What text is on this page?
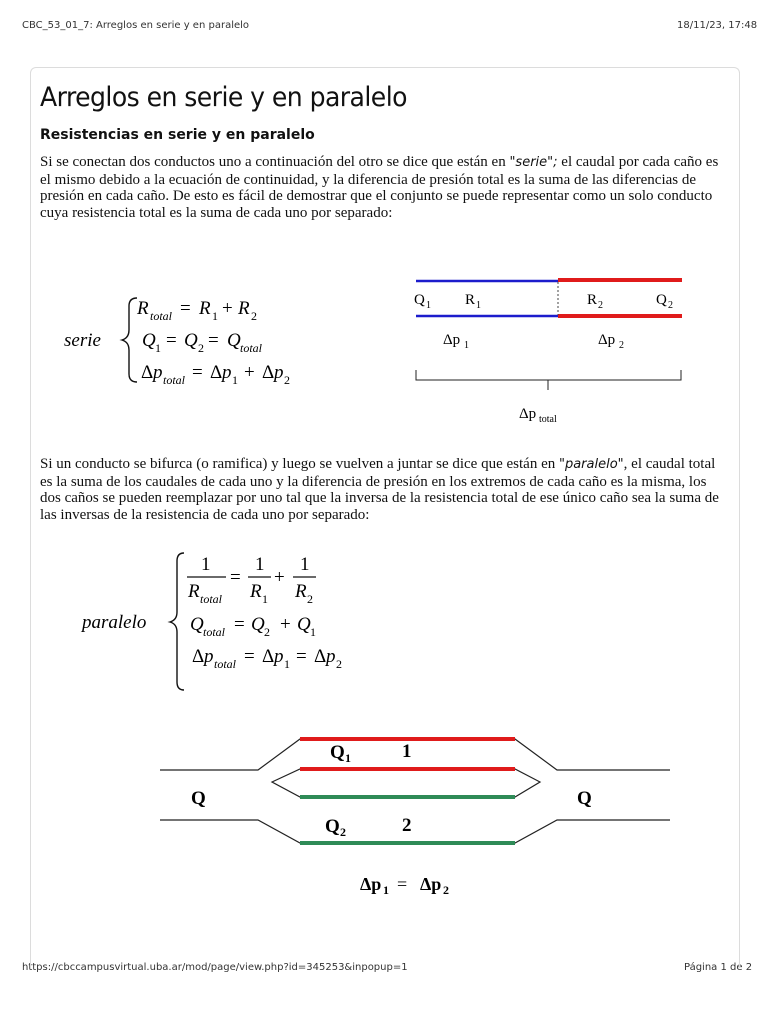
CBC_53_01_7: Arreglos en serie y en paralelo	18/11/23, 17:48
https://cbccampusvirtual.uba.ar/mod/page/view.php?id=345253&inpopup=1	Página 1 de 2
Arreglos en serie y en paralelo
Resistencias en serie y en paralelo
Si se conectan dos conductos uno a continuación del otro se dice que están en "serie"; el caudal por cada caño es el mismo debido a la ecuación de continuidad, y la diferencia de presión total es la suma de las diferencias de presión en cada caño. De esto es fácil de demostrar que el conjunto se puede representar como un solo conducto cuya resistencia total es la suma de cada uno por separado:
Si un conducto se bifurca (o ramifica) y luego se vuelven a juntar se dice que están en "paralelo", el caudal total es la suma de los caudales de cada uno y la diferencia de presión en los extremos de cada caño es la misma, los dos caños se pueden reemplazar por uno tal que la inversa de la resistencia total de ese único caño sea la suma de las inversas de la resistencia de cada uno por separado:
serie
R total = R 1 + R 2
Q 1 = Q 2 = Q total
Δ p total = Δ p 1 + Δ p 2
Q 1 R 1	R 2	Q 2
Δp 1	Δp 2
Δp total
paralelo
1
R total
=
1
R 1
+
1
R 2
Q total = Q 2 + Q 1
Δ p total = Δ p 1 = Δ p 2
Q	Q
Q 1	1
Q 2	2
Δp 1 = Δp 2
